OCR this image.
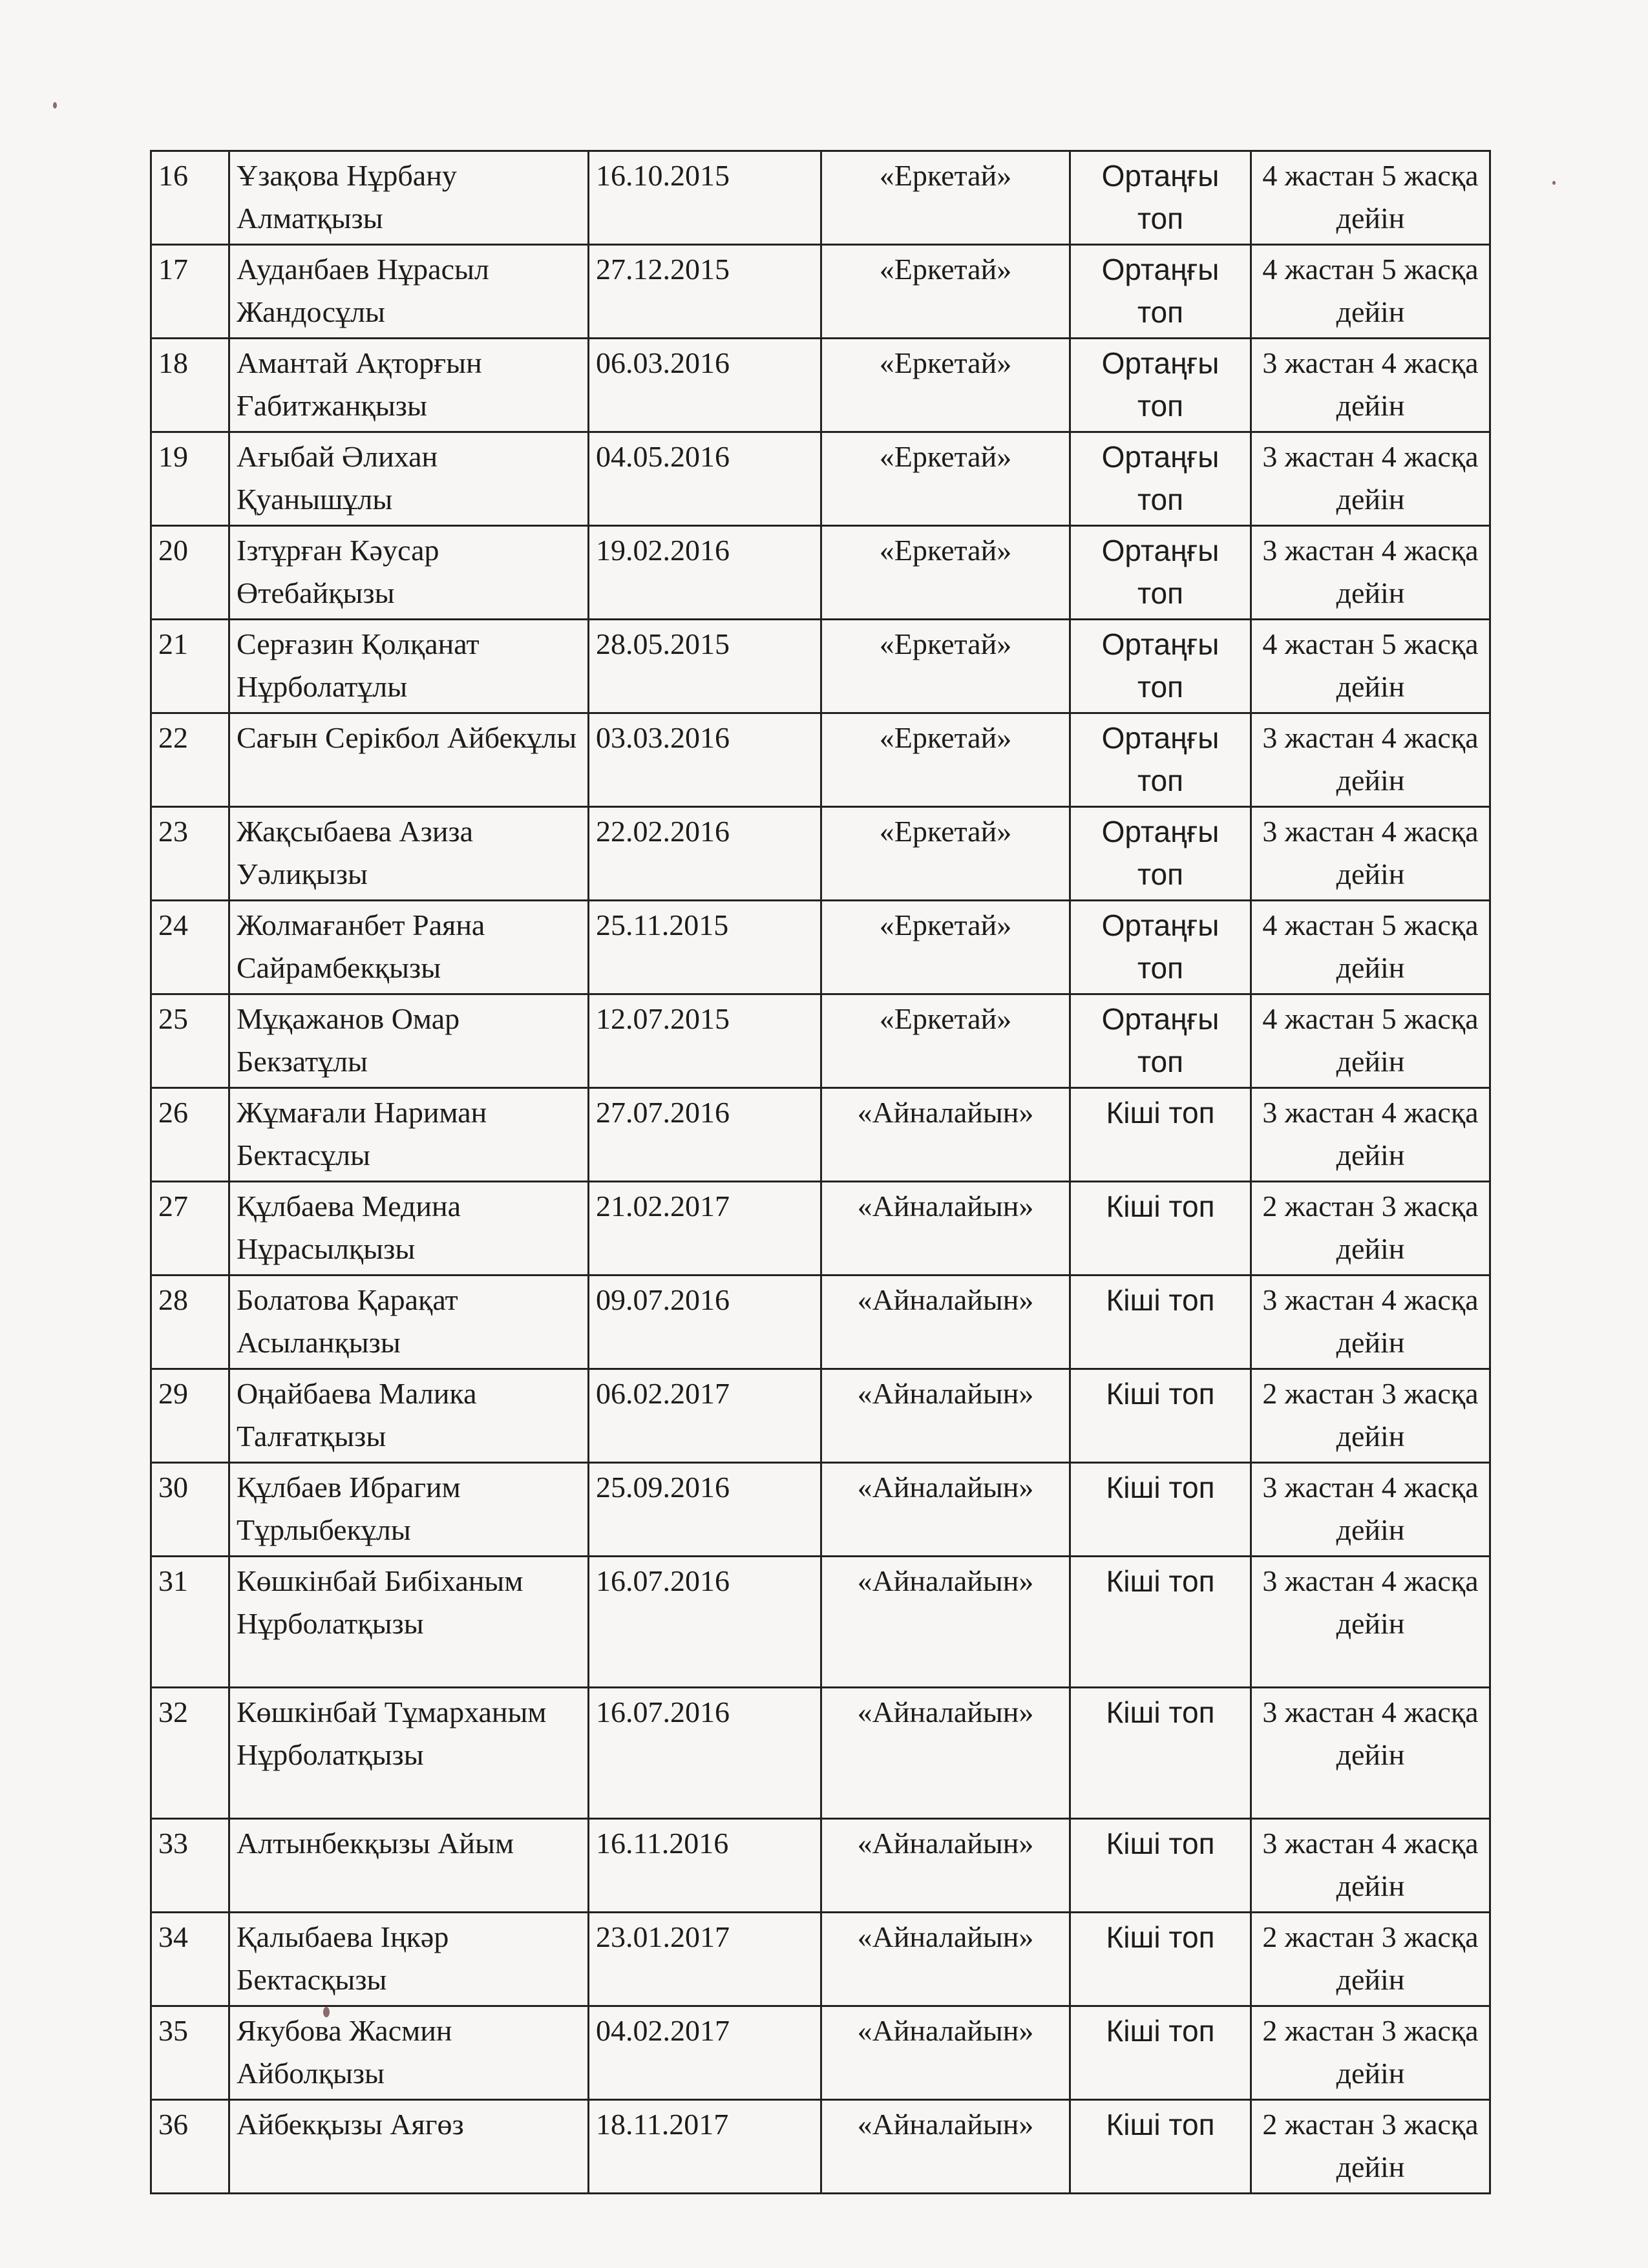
16	Ұзақова Нұрбану Алматқызы	16.10.2015	«Еркетай»	Ортаңғы топ	4 жастан 5 жасқа дейін
17	Ауданбаев Нұрасыл Жандосұлы	27.12.2015	«Еркетай»	Ортаңғы топ	4 жастан 5 жасқа дейін
18	Амантай Ақторғын Ғабитжанқызы	06.03.2016	«Еркетай»	Ортаңғы топ	3 жастан 4 жасқа дейін
19	Ағыбай Әлихан Қуанышұлы	04.05.2016	«Еркетай»	Ортаңғы топ	3 жастан 4 жасқа дейін
20	Ізтұрған Кәусар Өтебайқызы	19.02.2016	«Еркетай»	Ортаңғы топ	3 жастан 4 жасқа дейін
21	Серғазин Қолқанат Нұрболатұлы	28.05.2015	«Еркетай»	Ортаңғы топ	4 жастан 5 жасқа дейін
22	Сағын Серікбол Айбекұлы	03.03.2016	«Еркетай»	Ортаңғы топ	3 жастан 4 жасқа дейін
23	Жақсыбаева Азиза Уәлиқызы	22.02.2016	«Еркетай»	Ортаңғы топ	3 жастан 4 жасқа дейін
24	Жолмағанбет Раяна Сайрамбекқызы	25.11.2015	«Еркетай»	Ортаңғы топ	4 жастан 5 жасқа дейін
25	Мұқажанов Омар Бекзатұлы	12.07.2015	«Еркетай»	Ортаңғы топ	4 жастан 5 жасқа дейін
26	Жұмағали Нариман Бектасұлы	27.07.2016	«Айналайын»	Кіші топ	3 жастан 4 жасқа дейін
27	Құлбаева Медина Нұрасылқызы	21.02.2017	«Айналайын»	Кіші топ	2 жастан 3 жасқа дейін
28	Болатова Қарақат Асыланқызы	09.07.2016	«Айналайын»	Кіші топ	3 жастан 4 жасқа дейін
29	Оңайбаева Малика Талғатқызы	06.02.2017	«Айналайын»	Кіші топ	2 жастан 3 жасқа дейін
30	Құлбаев Ибрагим Тұрлыбекұлы	25.09.2016	«Айналайын»	Кіші топ	3 жастан 4 жасқа дейін
31	Көшкінбай Бибіханым Нұрболатқызы	16.07.2016	«Айналайын»	Кіші топ	3 жастан 4 жасқа дейін
32	Көшкінбай Тұмарханым Нұрболатқызы	16.07.2016	«Айналайын»	Кіші топ	3 жастан 4 жасқа дейін
33	Алтынбекқызы Айым	16.11.2016	«Айналайын»	Кіші топ	3 жастан 4 жасқа дейін
34	Қалыбаева Іңкәр Бектасқызы	23.01.2017	«Айналайын»	Кіші топ	2 жастан 3 жасқа дейін
35	Якубова Жасмин Айболқызы	04.02.2017	«Айналайын»	Кіші топ	2 жастан 3 жасқа дейін
36	Айбекқызы Аягөз	18.11.2017	«Айналайын»	Кіші топ	2 жастан 3 жасқа дейін
